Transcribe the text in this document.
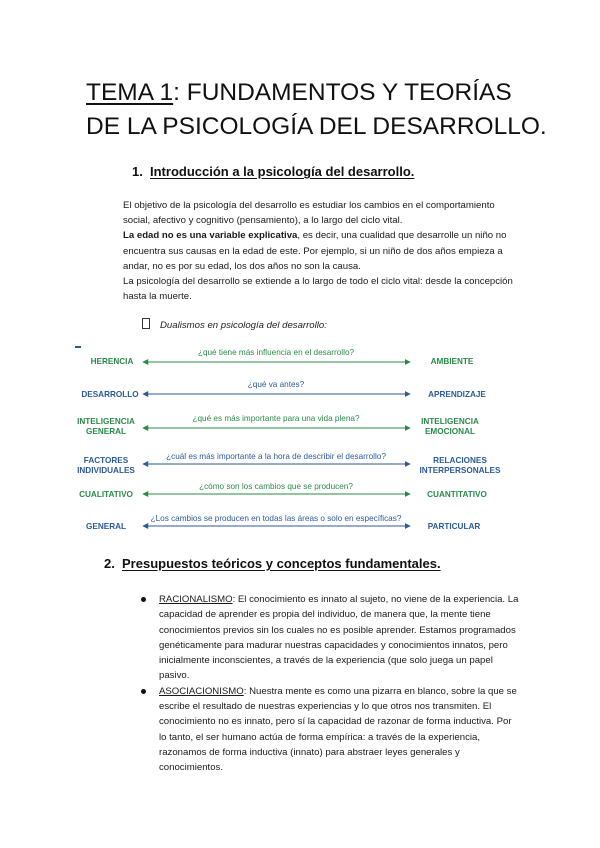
TEMA 1: FUNDAMENTOS Y TEORÍAS
DE LA PSICOLOGÍA DEL DESARROLLO.
1. Introducción a la psicología del desarrollo.

El objetivo de la psicología del desarrollo es estudiar los cambios en el comportamiento social, afectivo y cognitivo (pensamiento), a lo largo del ciclo vital.

La edad no es una variable explicativa, es decir, una cualidad que desarrolle un niño no encuentra sus causas en la edad de este. Por ejemplo, si un niño de dos años empieza a andar, no es por su edad, los dos años no son la causa.

La psicología del desarrollo se extiende a lo largo de todo el ciclo vital: desde la concepción hasta la muerte.

Dualismos en psicología del desarrollo:
HERENCIA
¿qué tiene más influencia en el desarrollo?
AMBIENTE
DESARROLLO
¿qué va antes?
APRENDIZAJE
INTELIGENCIA GENERAL
¿qué es más importante para una vida plena?	INTELIGENCIA EMOCIONAL
FACTORES INDIVIDUALES
¿cuál es más importante a la hora de describir el desarrollo?	RELACIONES INTERPERSONALES
CUALITATIVO
¿cómo son los cambios que se producen?
CUANTITATIVO
GENERAL
¿Los cambios se producen en todas las áreas o solo en específicas?
PARTICULAR
2. Presupuestos teóricos y conceptos fundamentales.
RACIONALISMO: El conocimiento es innato al sujeto, no viene de la experiencia. La capacidad de aprender es propia del individuo, de manera que, la mente tiene conocimientos previos sin los cuales no es posible aprender. Estamos programados genéticamente para madurar nuestras capacidades y conocimientos innatos, pero inicialmente inconscientes, a través de la experiencia (que solo juega un papel pasivo.
ASOCIACIONISMO: Nuestra mente es como una pizarra en blanco, sobre la que se escribe el resultado de nuestras experiencias y lo que otros nos transmiten. El conocimiento no es innato, pero sí la capacidad de razonar de forma inductiva. Por lo tanto, el ser humano actúa de forma empírica: a través de la experiencia, razonamos de forma inductiva (innato) para abstraer leyes generales y conocimientos.
